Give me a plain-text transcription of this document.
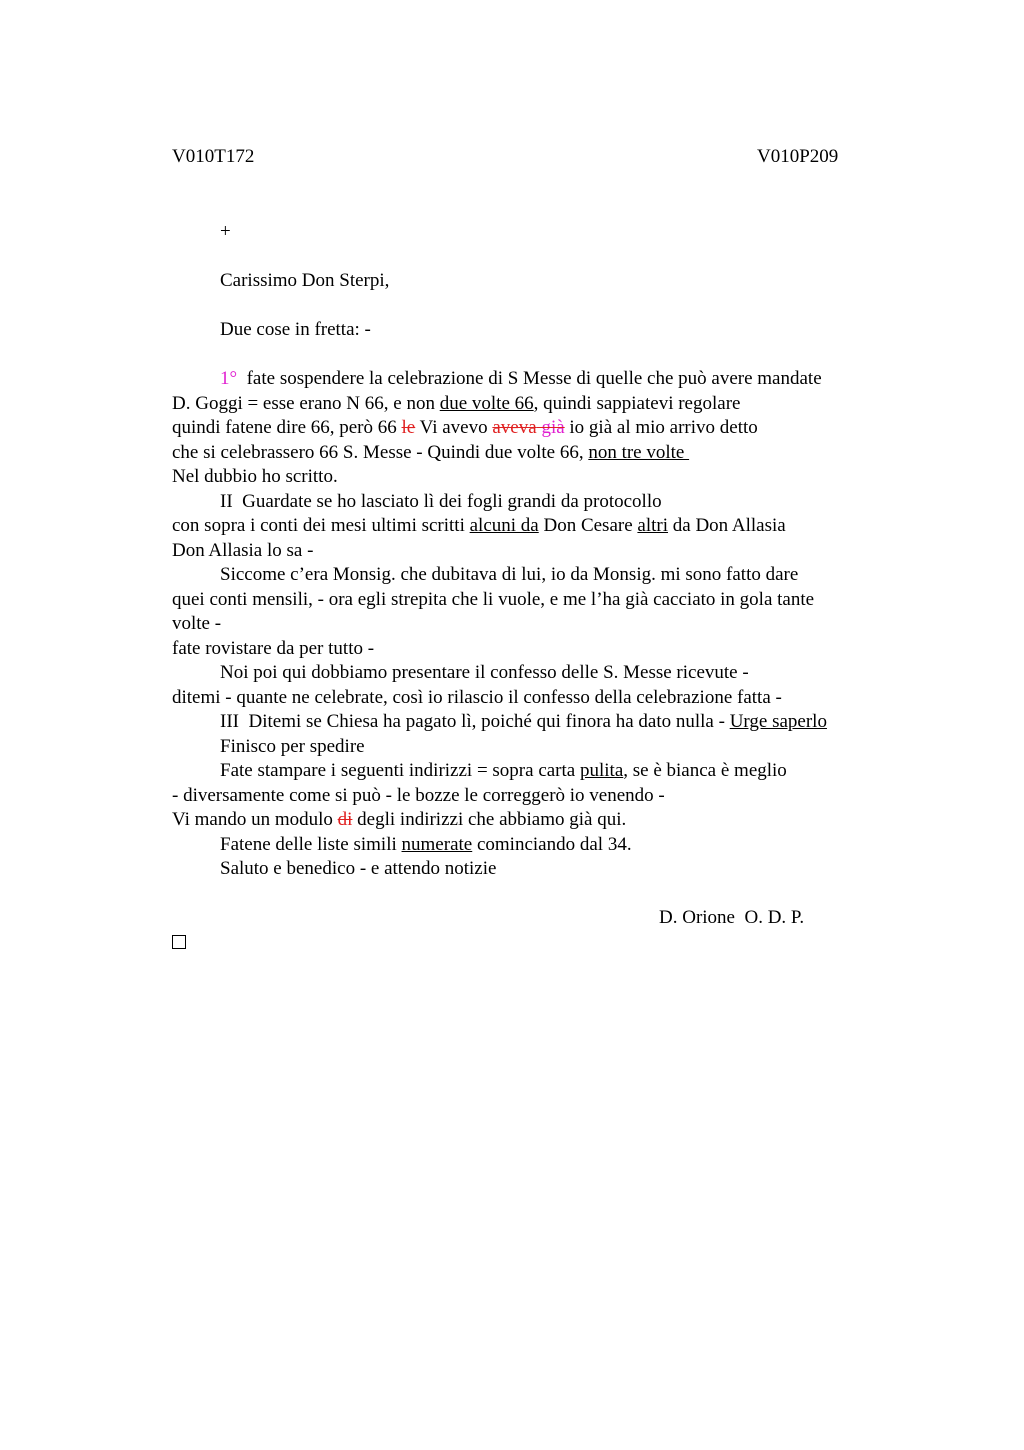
V010T172	V010P209
+
Carissimo Don Sterpi,
Due cose in fretta: -
1°  fate sospendere la celebrazione di S Messe di quelle che può avere mandate
D. Goggi = esse erano N 66, e non due volte 66, quindi sappiatevi regolare
quindi fatene dire 66, però 66 le Vi avevo aveva già io già al mio arrivo detto
che si celebrassero 66 S. Messe - Quindi due volte 66, non tre volte
Nel dubbio ho scritto.
II  Guardate se ho lasciato lì dei fogli grandi da protocollo
con sopra i conti dei mesi ultimi scritti alcuni da Don Cesare altri da Don Allasia
Don Allasia lo sa -
Siccome c’era Monsig. che dubitava di lui, io da Monsig. mi sono fatto dare
quei conti mensili, - ora egli strepita che li vuole, e me l’ha già cacciato in gola tante
volte -
fate rovistare da per tutto -
Noi poi qui dobbiamo presentare il confesso delle S. Messe ricevute -
ditemi - quante ne celebrate, così io rilascio il confesso della celebrazione fatta -
III  Ditemi se Chiesa ha pagato lì, poiché qui finora ha dato nulla - Urge saperlo
Finisco per spedire
Fate stampare i seguenti indirizzi = sopra carta pulita, se è bianca è meglio
- diversamente come si può - le bozze le correggerò io venendo -
Vi mando un modulo di degli indirizzi che abbiamo già qui.
Fatene delle liste simili numerate cominciando dal 34.
Saluto e benedico - e attendo notizie
D. Orione  O. D. P.
